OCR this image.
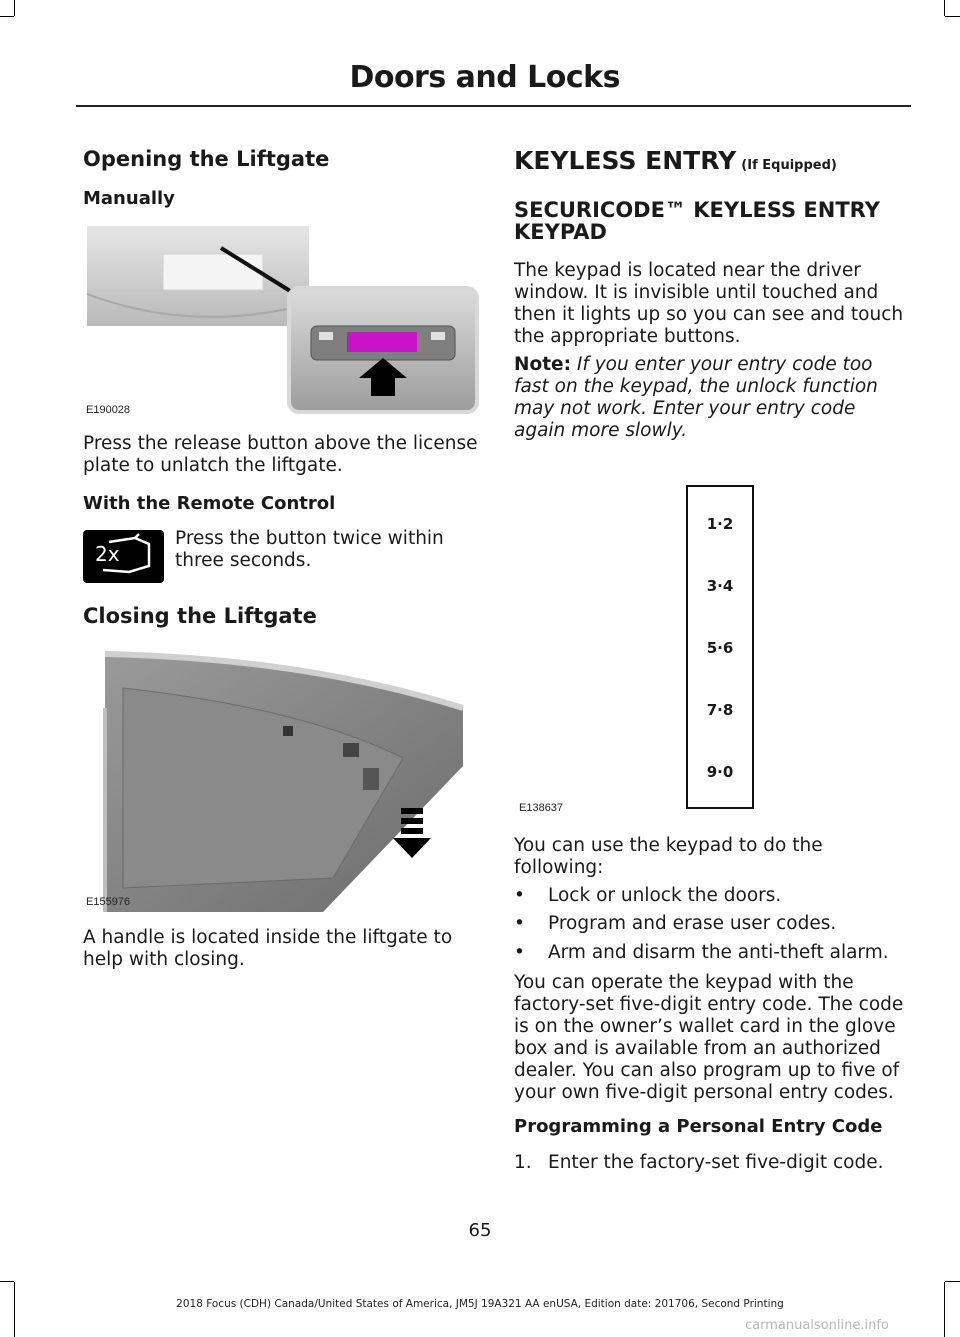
Doors and Locks
Opening the Liftgate
Manually
E190028

Press the release button above the license plate to unlatch the liftgate.

With the Remote Control
2x

Press the button twice within three seconds.

Closing the Liftgate
E155976

A handle is located inside the liftgate to help with closing.

KEYLESS ENTRY (If Equipped)
SECURICODE™ KEYLESS ENTRY KEYPAD

The keypad is located near the driver window. It is invisible until touched and then it lights up so you can see and touch the appropriate buttons.

Note: If you enter your entry code too fast on the keypad, the unlock function may not work. Enter your entry code again more slowly.

1·2
3·4
5·6
7·8
9·0
E138637

You can use the keypad to do the following:

• Lock or unlock the doors.
• Program and erase user codes.
• Arm and disarm the anti-theft alarm.

You can operate the keypad with the factory-set five-digit entry code. The code is on the owner’s wallet card in the glove box and is available from an authorized dealer. You can also program up to five of your own five-digit personal entry codes.

Programming a Personal Entry Code
1. Enter the factory-set five-digit code.
65
2018 Focus (CDH) Canada/United States of America, JM5J 19A321 AA enUSA, Edition date: 201706, Second Printing
carmanualsonline.info
